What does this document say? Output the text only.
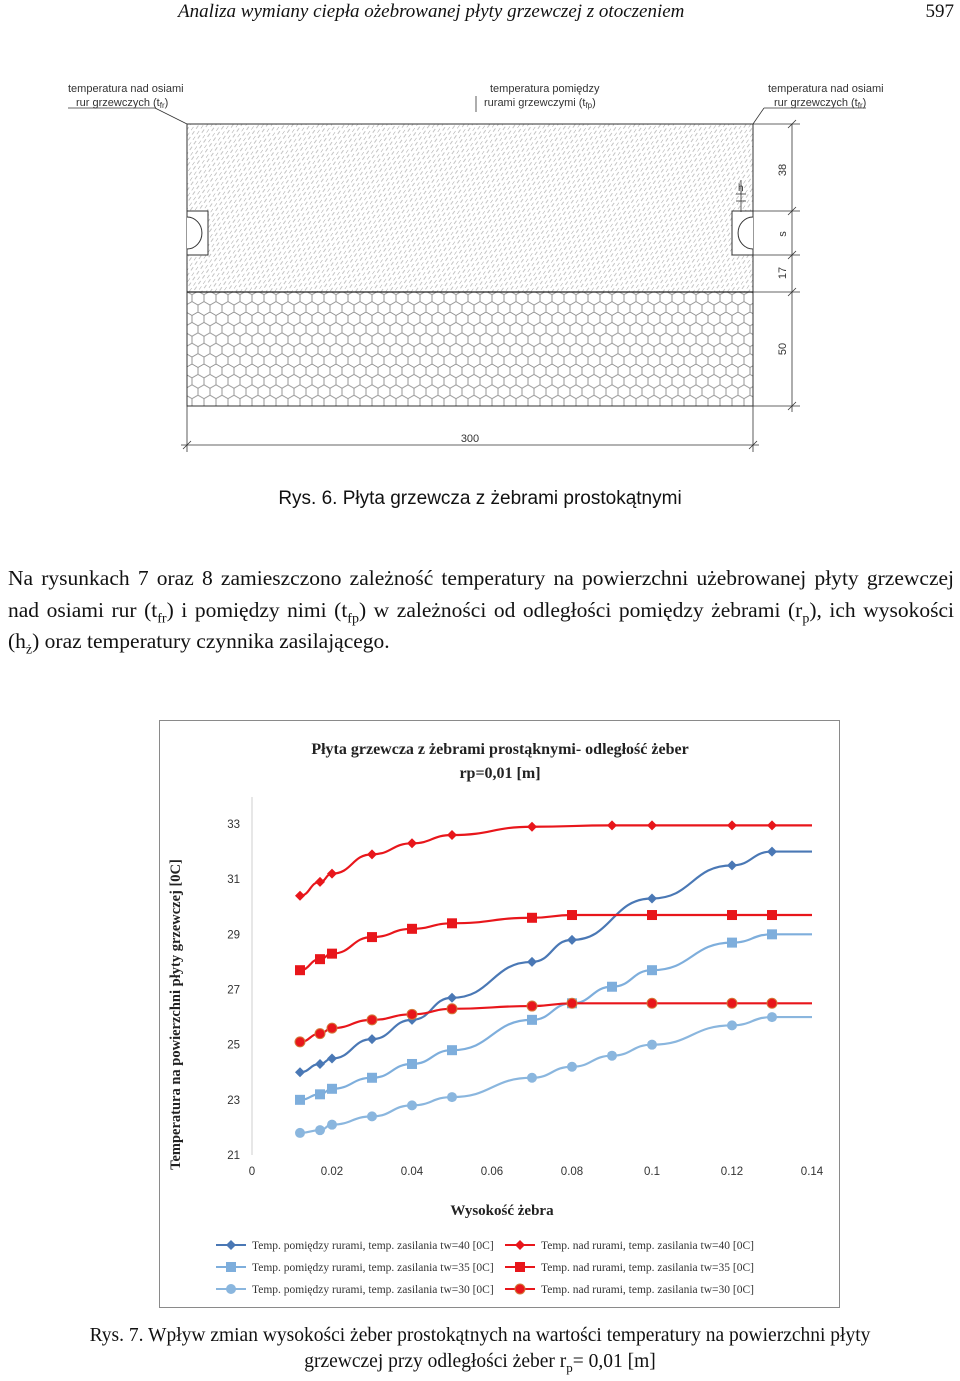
Analiza wymiany ciepła ożebrowanej płyty grzewczej z otoczeniem	597
temperatura nad osiami
rur grzewczych (tfr)
temperatura pomiędzy
rurami grzewczymi (tfp)
temperatura nad osiami
rur grzewczych (tfr)
h
38
s
17
50
300
Rys. 6. Płyta grzewcza z żebrami prostokątnymi
Na rysunkach 7 oraz 8 zamieszczono zależność temperatury na powierzchni użebrowanej płyty grzewczej nad osiami rur $(t_{fr})$ i pomiędzy nimi $(t_{fp})$ w zależności od odległości pomiędzy żebrami $(r_p)$, ich wysokości $(h_ż)$ oraz temperatury czynnika zasilającego.
Płyta grzewcza z żebrami prostąknymi- odległość żeber
rp=0,01 [m]
Temperatura na powierzchni płyty grzewczej [0C]
Wysokość żebra
21
23
25
27
29
31
33
0	0.02	0.04	0.06	0.08	0.1	0.12	0.14
Temp. pomiędzy rurami, temp. zasilania tw=40 [0C]	Temp. nad rurami, temp. zasilania tw=40 [0C]
Temp. pomiędzy rurami, temp. zasilania tw=35 [0C]	Temp. nad rurami, temp. zasilania tw=35 [0C]
Temp. pomiędzy rurami, temp. zasilania tw=30 [0C]	Temp. nad rurami, temp. zasilania tw=30 [0C]
Rys. 7. Wpływ zmian wysokości żeber prostokątnych na wartości temperatury na powierzchni płyty
grzewczej przy odległości żeber $r_p= 0,01$ [m]
